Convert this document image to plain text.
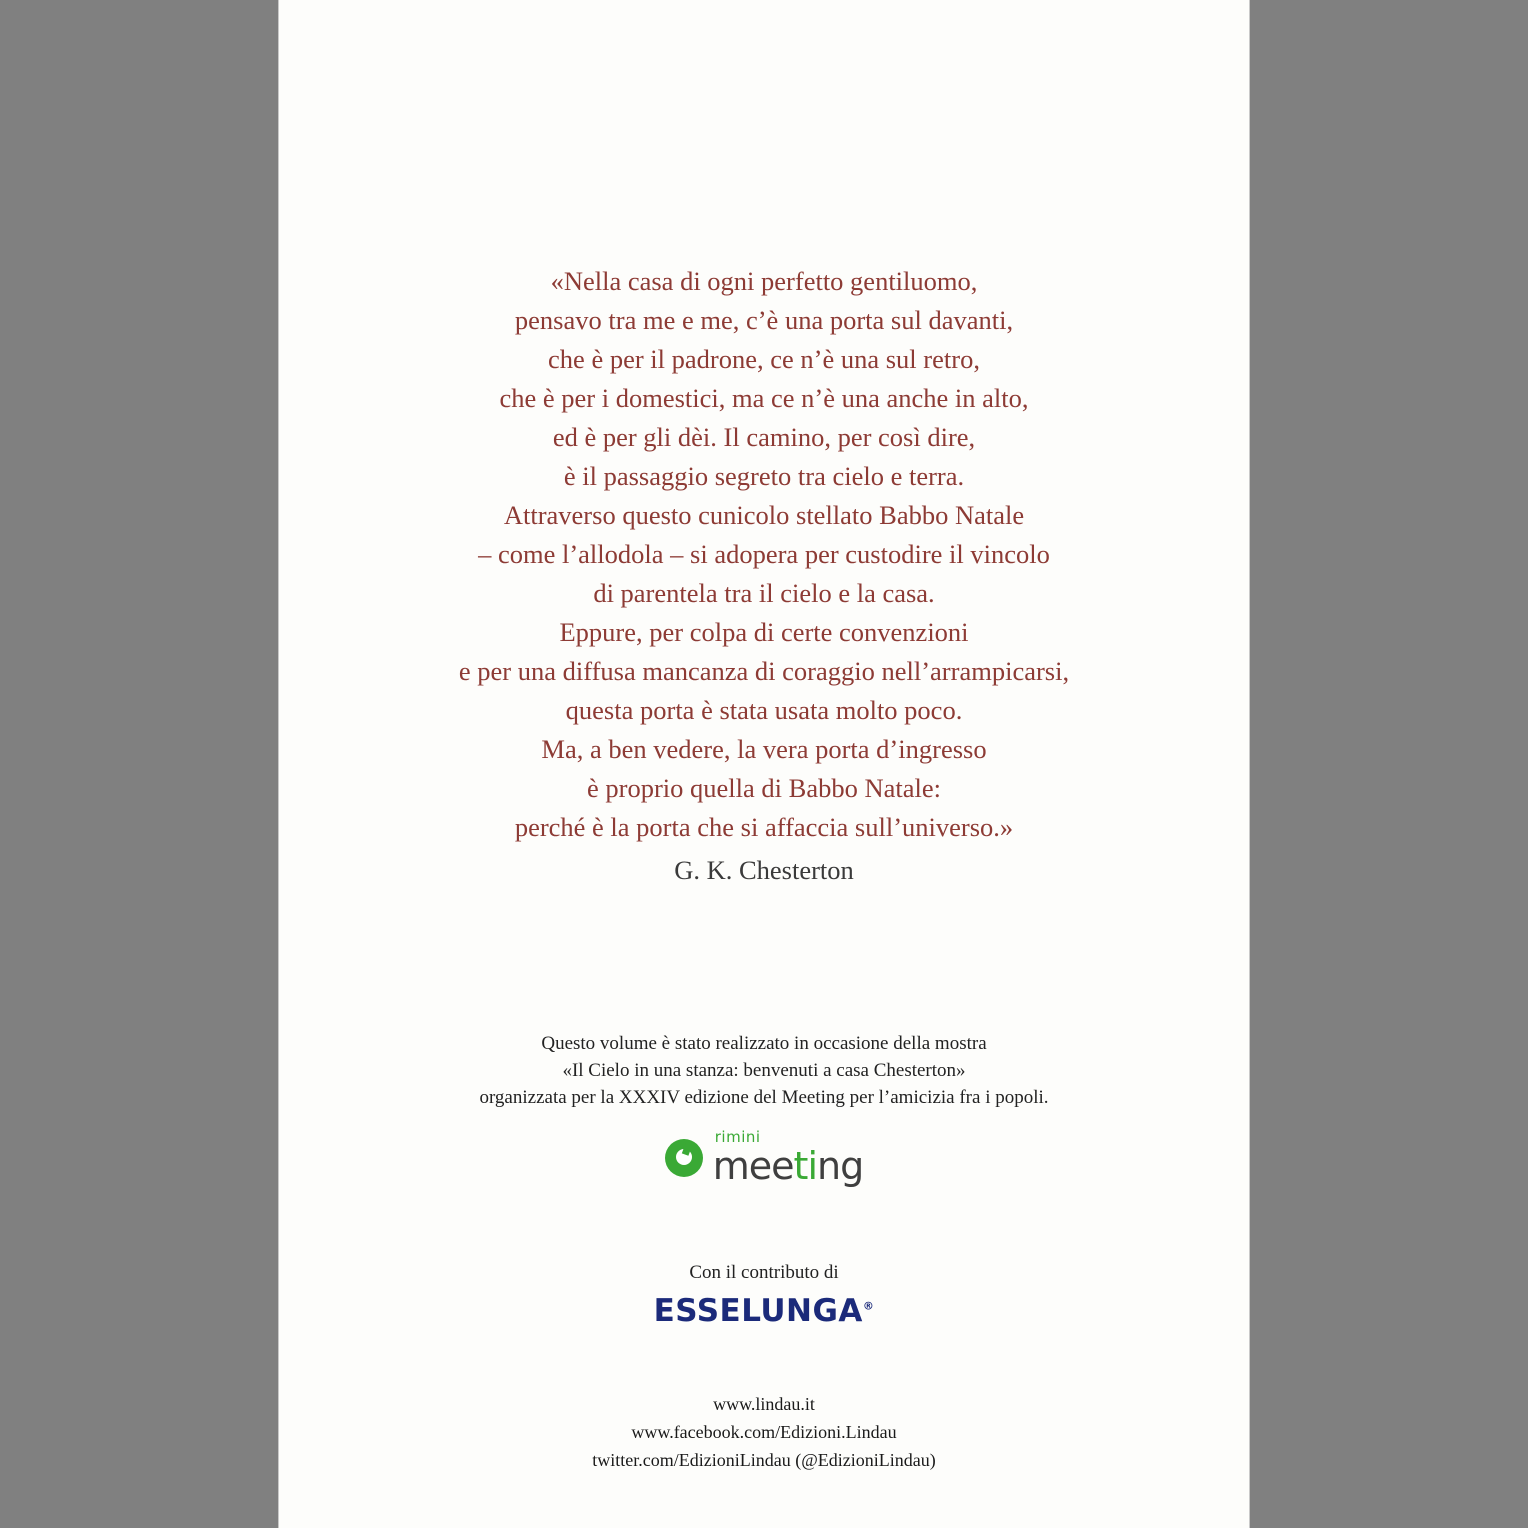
«Nella casa di ogni perfetto gentiluomo,
pensavo tra me e me, c’è una porta sul davanti,
che è per il padrone, ce n’è una sul retro,
che è per i domestici, ma ce n’è una anche in alto,
ed è per gli dèi. Il camino, per così dire,
è il passaggio segreto tra cielo e terra.
Attraverso questo cunicolo stellato Babbo Natale
– come l’allodola – si adopera per custodire il vincolo
di parentela tra il cielo e la casa.
Eppure, per colpa di certe convenzioni
e per una diffusa mancanza di coraggio nell’arrampicarsi,
questa porta è stata usata molto poco.
Ma, a ben vedere, la vera porta d’ingresso
è proprio quella di Babbo Natale:
perché è la porta che si affaccia sull’universo.»
G. K. Chesterton
Questo volume è stato realizzato in occasione della mostra
«Il Cielo in una stanza: benvenuti a casa Chesterton»
organizzata per la XXXIV edizione del Meeting per l’amicizia fra i popoli.
rimini
meeting
Con il contributo di
ESSELUNGA®
www.lindau.it
www.facebook.com/Edizioni.Lindau
twitter.com/EdizioniLindau (@EdizioniLindau)
